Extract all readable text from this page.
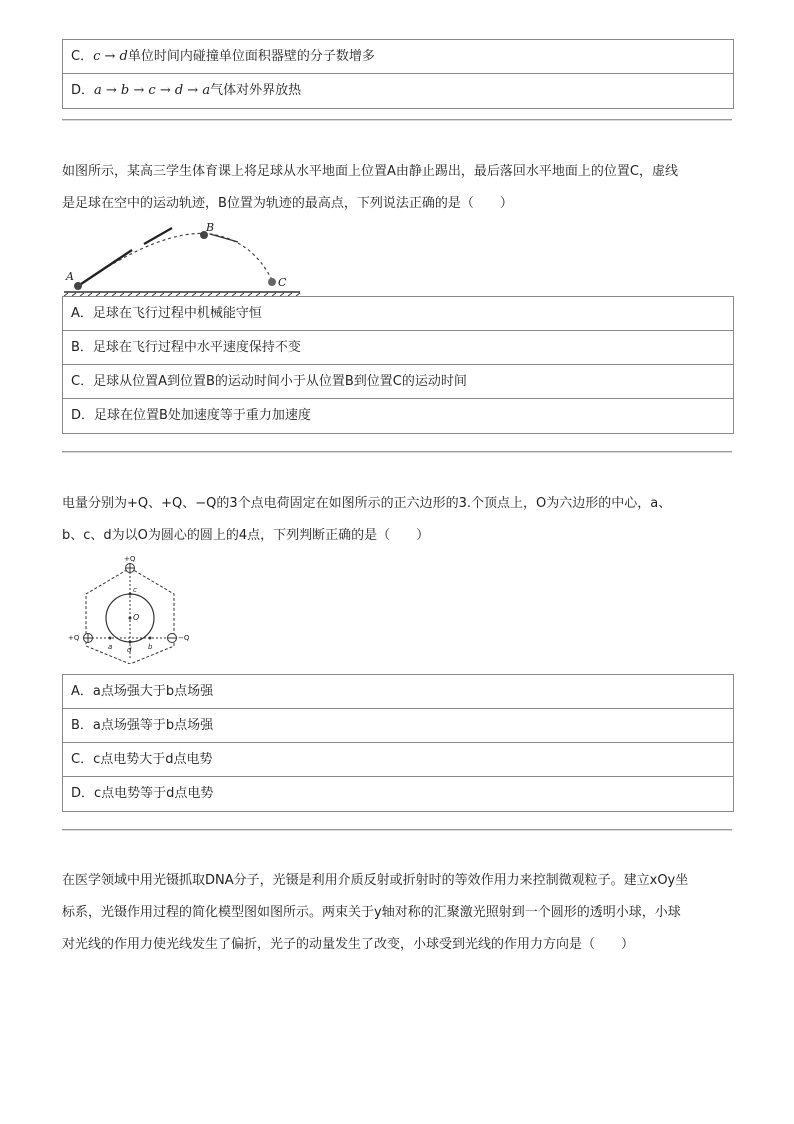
C．c → d单位时间内碰撞单位面积器壁的分子数增多
D．a → b → c → d → a气体对外界放热

如图所示，某高三学生体育课上将足球从水平地面上位置A由静止踢出，最后落回水平地面上的位置C，虚线

是足球在空中的运动轨迹，B位置为轨迹的最高点，下列说法正确的是（　　）

A
B
C
A．足球在飞行过程中机械能守恒
B．足球在飞行过程中水平速度保持不变
C．足球从位置A到位置B的运动时间小于从位置B到位置C的运动时间
D．足球在位置B处加速度等于重力加速度

电量分别为+Q、+Q、−Q的3个点电荷固定在如图所示的正六边形的3.个顶点上，O为六边形的中心，a、

b、c、d为以O为圆心的圆上的4点，下列判断正确的是（　　）

+Q
+Q	−Q
O
c
a	b
d
A．a点场强大于b点场强
B．a点场强等于b点场强
C．c点电势大于d点电势
D．c点电势等于d点电势

在医学领域中用光镊抓取DNA分子，光镊是利用介质反射或折射时的等效作用力来控制微观粒子。建立xOy坐

标系，光镊作用过程的简化模型图如图所示。两束关于y轴对称的汇聚激光照射到一个圆形的透明小球，小球

对光线的作用力使光线发生了偏折，光子的动量发生了改变，小球受到光线的作用力方向是（　　）
